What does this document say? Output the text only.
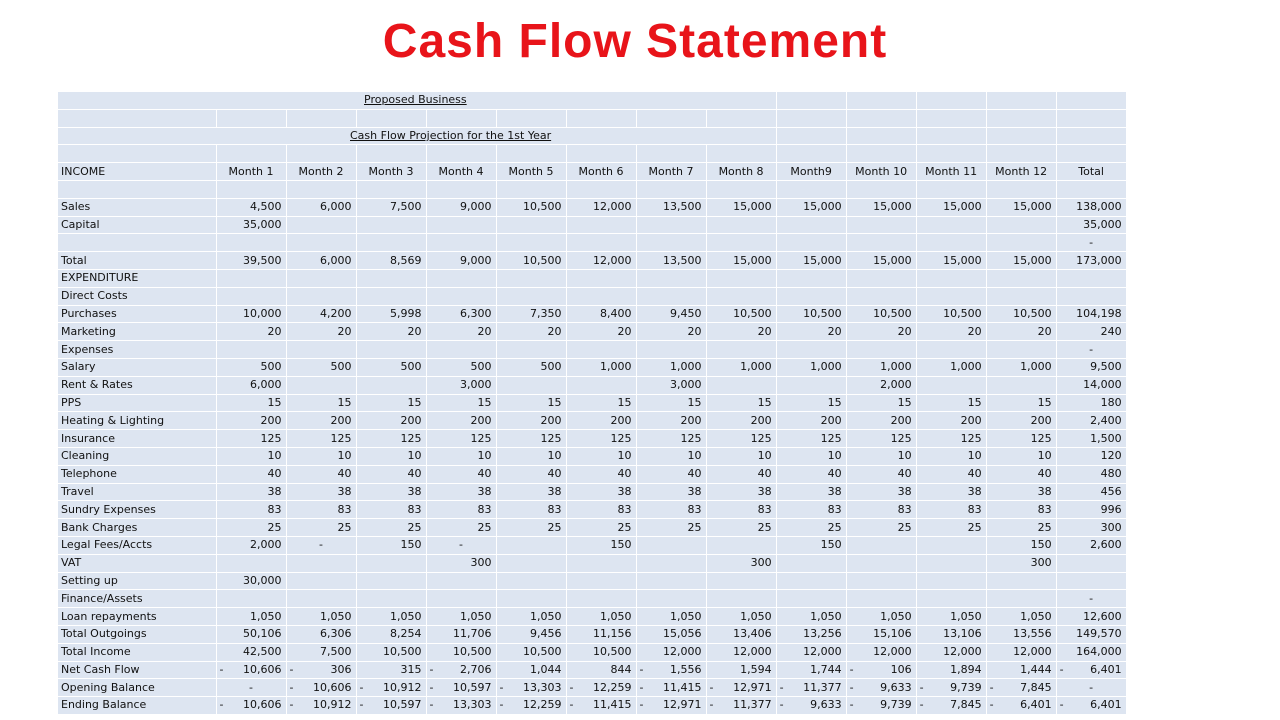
Cash Flow Statement
Proposed Business													

Cash Flow Projection for the 1st Year													

INCOME	Month 1	Month 2	Month 3	Month 4	Month 5	Month 6	Month 7	Month 8	Month9	Month 10	Month 11	Month 12	Total

Sales	4,500	6,000	7,500	9,000	10,500	12,000	13,500	15,000	15,000	15,000	15,000	15,000	138,000
Capital	35,000												35,000
													-
Total	39,500	6,000	8,569	9,000	10,500	12,000	13,500	15,000	15,000	15,000	15,000	15,000	173,000
EXPENDITURE													
Direct Costs													
Purchases	10,000	4,200	5,998	6,300	7,350	8,400	9,450	10,500	10,500	10,500	10,500	10,500	104,198
Marketing	20	20	20	20	20	20	20	20	20	20	20	20	240
Expenses													-
Salary	500	500	500	500	500	1,000	1,000	1,000	1,000	1,000	1,000	1,000	9,500
Rent & Rates	6,000			3,000			3,000			2,000			14,000
PPS	15	15	15	15	15	15	15	15	15	15	15	15	180
Heating & Lighting	200	200	200	200	200	200	200	200	200	200	200	200	2,400
Insurance	125	125	125	125	125	125	125	125	125	125	125	125	1,500
Cleaning	10	10	10	10	10	10	10	10	10	10	10	10	120
Telephone	40	40	40	40	40	40	40	40	40	40	40	40	480
Travel	38	38	38	38	38	38	38	38	38	38	38	38	456
Sundry Expenses	83	83	83	83	83	83	83	83	83	83	83	83	996
Bank Charges	25	25	25	25	25	25	25	25	25	25	25	25	300
Legal Fees/Accts	2,000	-	150	-		150			150			150	2,600
VAT				300				300				300	
Setting up	30,000												
Finance/Assets													-
Loan repayments	1,050	1,050	1,050	1,050	1,050	1,050	1,050	1,050	1,050	1,050	1,050	1,050	12,600
Total Outgoings	50,106	6,306	8,254	11,706	9,456	11,156	15,056	13,406	13,256	15,106	13,106	13,556	149,570
Total Income	42,500	7,500	10,500	10,500	10,500	10,500	12,000	12,000	12,000	12,000	12,000	12,000	164,000
Net Cash Flow	- 10,606	- 306	315	- 2,706	1,044	844	- 1,556	1,594	1,744	- 106	1,894	1,444	- 6,401

Opening Balance	-	- 10,606	- 10,912	- 10,597	- 13,303	- 12,259	- 11,415	- 12,971	- 11,377	- 9,633	- 9,739	- 7,845	-
Ending Balance	- 10,606	- 10,912	- 10,597	- 13,303	- 12,259	- 11,415	- 12,971	- 11,377	- 9,633	- 9,739	- 7,845	- 6,401	- 6,401
